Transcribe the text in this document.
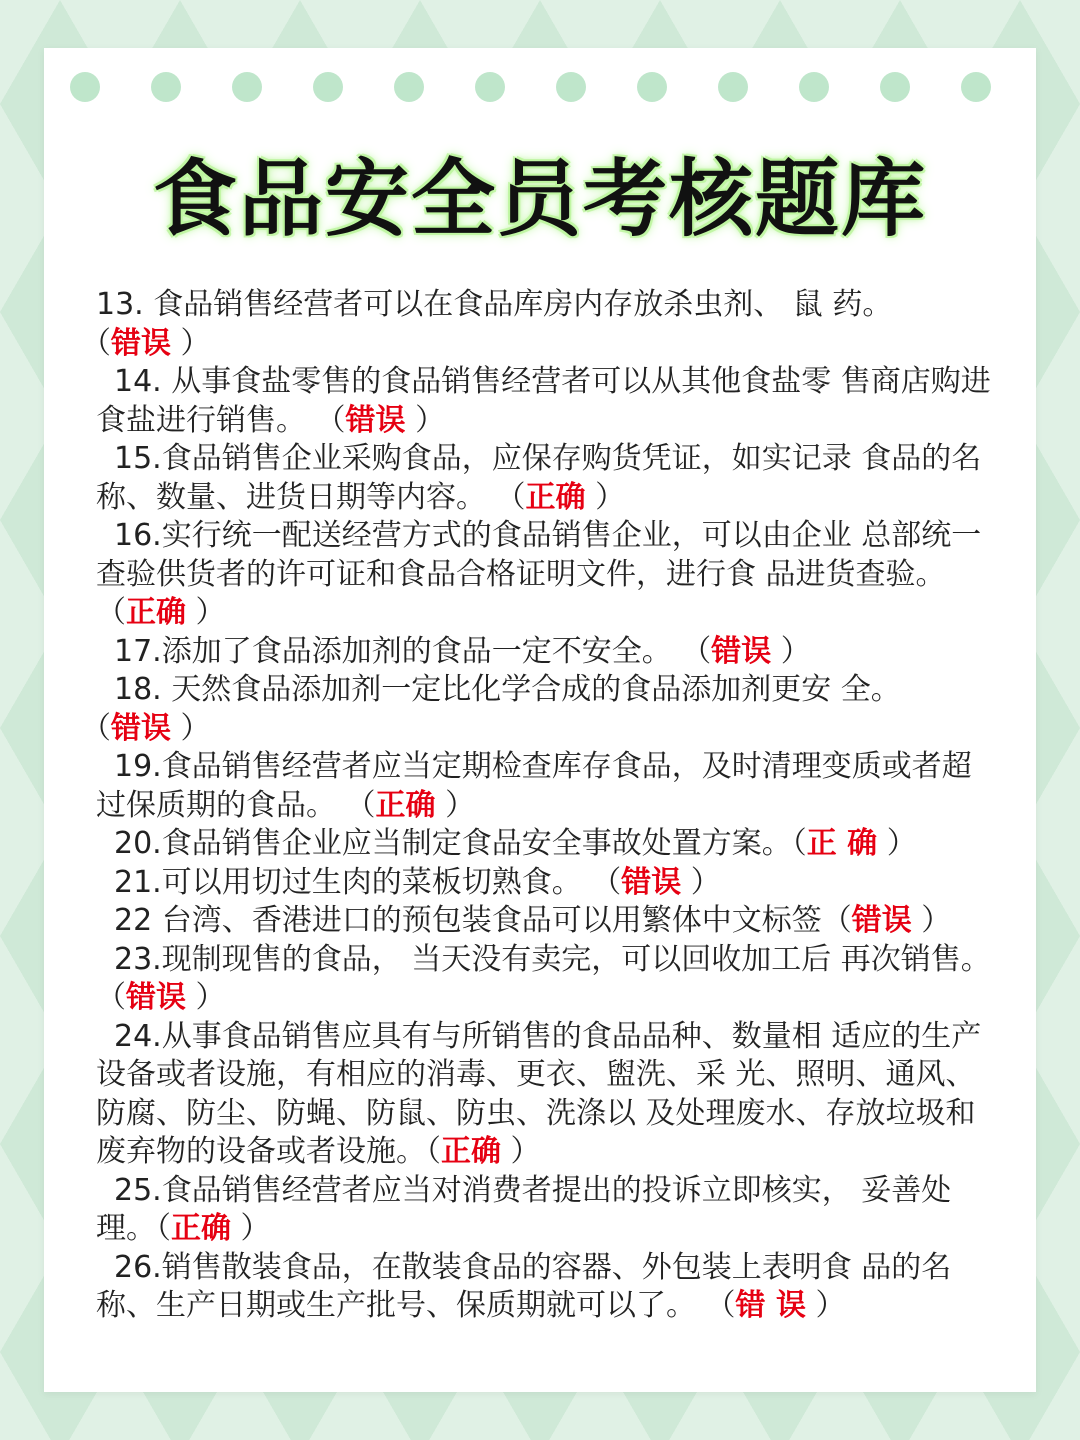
食品安全员考核题库

13. 食品销售经营者可以在食品库房内存放杀虫剂、 鼠 药。（错误 ）

14. 从事食盐零售的食品销售经营者可以从其他食盐零 售商店购进食盐进行销售。 （错误 ）

15.食品销售企业采购食品，应保存购货凭证，如实记录 食品的名称、数量、进货日期等内容。 （正确 ）

16.实行统一配送经营方式的食品销售企业，可以由企业 总部统一查验供货者的许可证和食品合格证明文件，进行食 品进货查验。 （正确 ）

17.添加了食品添加剂的食品一定不安全。 （错误 ）

18. 天然食品添加剂一定比化学合成的食品添加剂更安 全。（错误 ）

19.食品销售经营者应当定期检查库存食品，及时清理变质或者超过保质期的食品。 （正确 ）

20.食品销售企业应当制定食品安全事故处置方案。（正 确 ）

21.可以用切过生肉的菜板切熟食。 （错误 ）

22 台湾、香港进口的预包装食品可以用繁体中文标签（错误 ）

23.现制现售的食品， 当天没有卖完，可以回收加工后 再次销售。 （错误 ）

24.从事食品销售应具有与所销售的食品品种、数量相 适应的生产设备或者设施，有相应的消毒、更衣、盥洗、采 光、照明、通风、防腐、防尘、防蝇、防鼠、防虫、洗涤以 及处理废水、存放垃圾和废弃物的设备或者设施。（正确 ）

25.食品销售经营者应当对消费者提出的投诉立即核实， 妥善处理。（正确 ）

26.销售散装食品，在散装食品的容器、外包装上表明食 品的名称、生产日期或生产批号、保质期就可以了。 （错 误 ）
